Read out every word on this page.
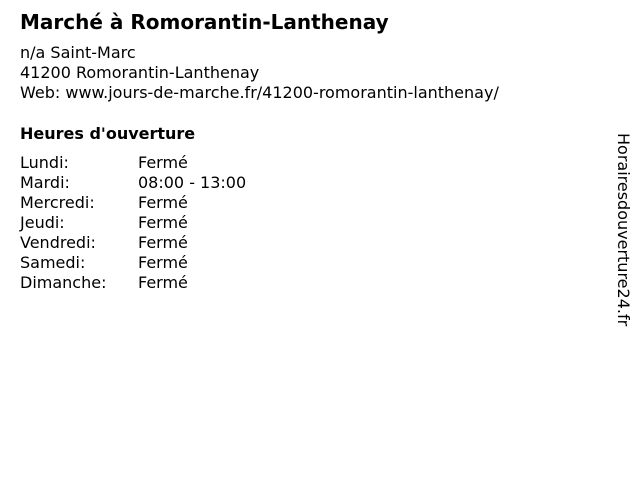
Marché à Romorantin-Lanthenay
n/a Saint-Marc
41200 Romorantin-Lanthenay
Web: www.jours-de-marche.fr/41200-romorantin-lanthenay/
Heures d'ouverture
Lundi:	Fermé
Mardi:	08:00 - 13:00
Mercredi:	Fermé
Jeudi:	Fermé
Vendredi:	Fermé
Samedi:	Fermé
Dimanche:	Fermé	Horairesdouverture24.fr
